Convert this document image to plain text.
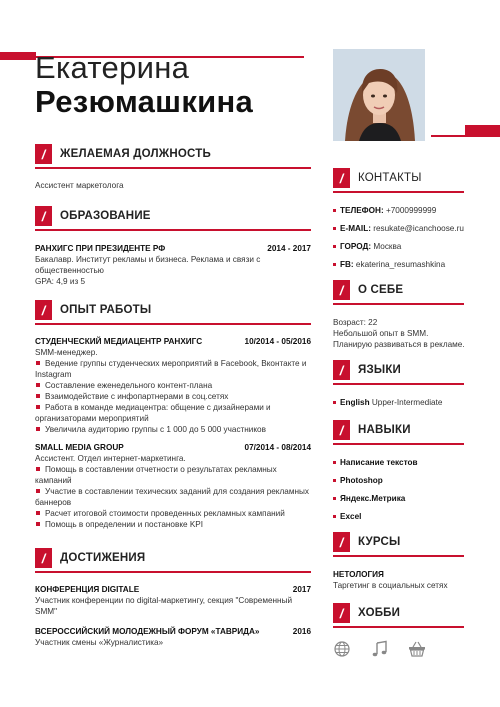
Екатерина
Резюмашкина
/	ЖЕЛАЕМАЯ ДОЛЖНОСТЬ
Ассистент маркетолога
/	ОБРАЗОВАНИЕ
РАНХИГС ПРИ ПРЕЗИДЕНТЕ РФ	2014 - 2017
Бакалавр. Институт рекламы и бизнеса. Реклама и связи с
общественностью
GPA: 4,9 из 5
/	ОПЫТ РАБОТЫ
СТУДЕНЧЕСКИЙ МЕДИАЦЕНТР РАНХИГС	10/2014 - 05/2016
SMM-менеджер.
Ведение группы студенческих мероприятий в Facebook, Вконтакте и
Instagram
Составление еженедельного контент-плана
Взаимодействие с инфопартнерами в соц.сетях
Работа в команде медиацентра: общение с дизайнерами и
организаторами мероприятий
Увеличила аудиторию группы с 1 000 до 5 000 участников
SMALL MEDIA GROUP	07/2014 - 08/2014
Ассистент. Отдел интернет-маркетинга.
Помощь в составлении отчетности о результатах рекламных
кампаний
Участие в составлении техических заданий для создания рекламных
баннеров
Расчет итоговой стоимости проведенных рекламных кампаний
Помощь в определении и постановке KPI
/	ДОСТИЖЕНИЯ
КОНФЕРЕНЦИЯ DIGITALE	2017
Участник конференции по digital-маркетингу, секция "Современный
SMM"
ВСЕРОССИЙСКИЙ МОЛОДЕЖНЫЙ ФОРУМ «ТАВРИДА»	2016
Участник смены «Журналистика»
/	КОНТАКТЫ
ТЕЛЕФОН: +7000999999
E-MAIL: resukate@icanchoose.ru
ГОРОД: Москва
FB: ekaterina_resumashkina
/	О СЕБЕ
Возраст: 22
Небольшой опыт в SMM.
Планирую развиваться в рекламе.
/	ЯЗЫКИ
English Upper-Intermediate
/	НАВЫКИ
Написание текстов
Photoshop
Яндекс.Метрика
Excel
/	КУРСЫ
НЕТОЛОГИЯ
Таргетинг в социальных сетях
/	ХОББИ
